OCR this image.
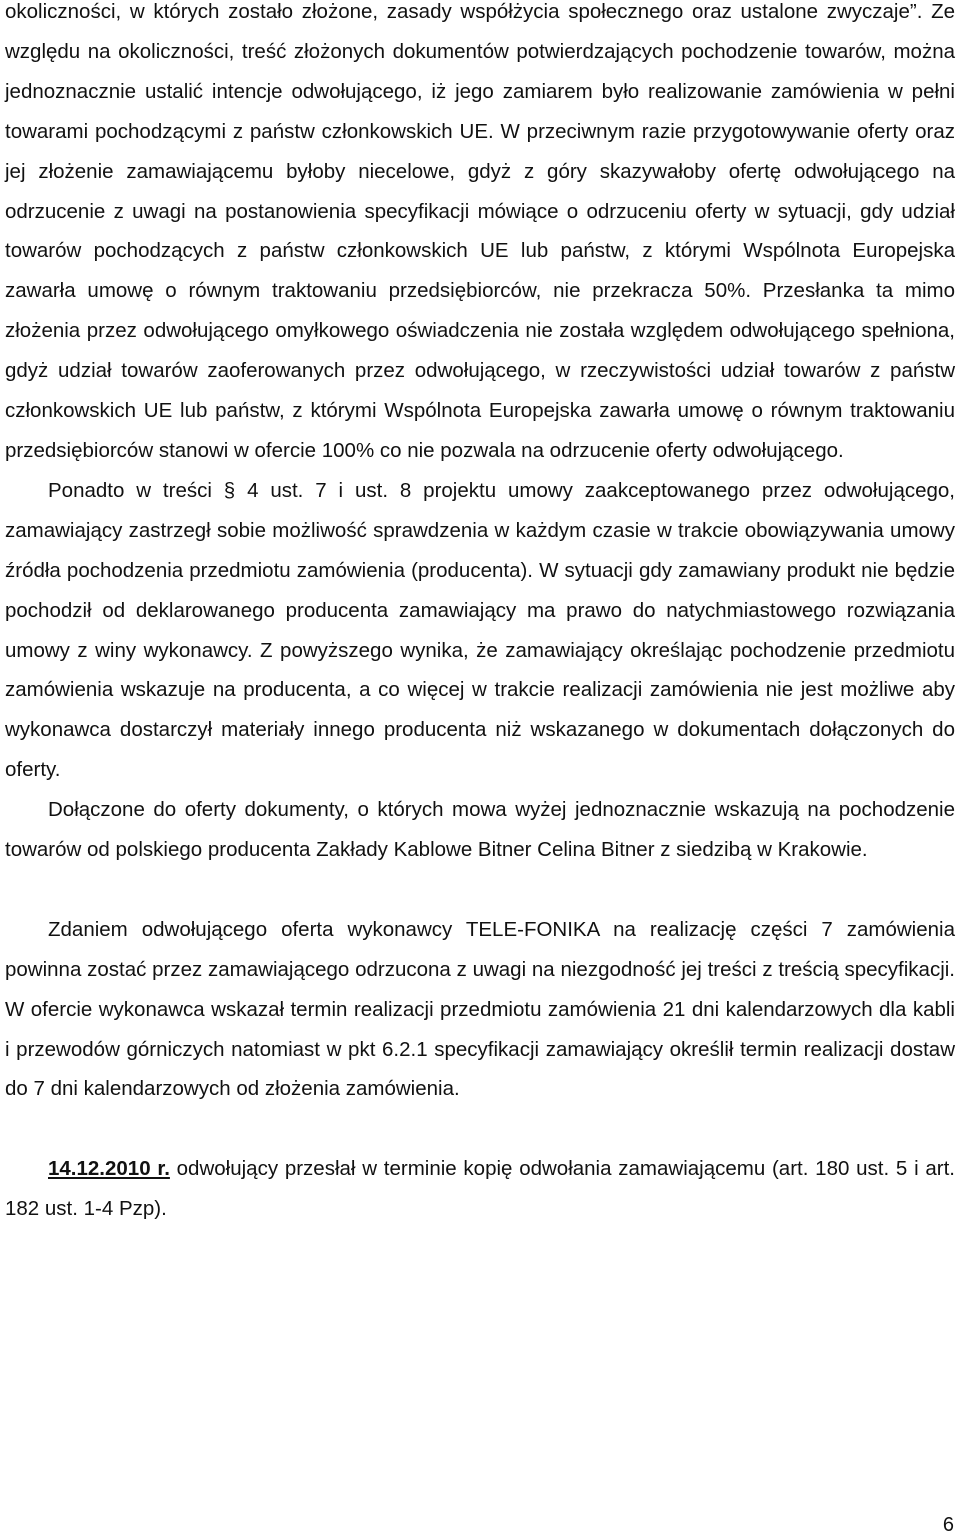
okoliczności, w których zostało złożone, zasady współżycia społecznego oraz ustalone zwyczaje”. Ze względu na okoliczności, treść złożonych dokumentów potwierdzających pochodzenie towarów, można jednoznacznie ustalić intencje odwołującego, iż jego zamiarem było realizowanie zamówienia w pełni towarami pochodzącymi z państw członkowskich UE. W przeciwnym razie przygotowywanie oferty oraz jej złożenie zamawiającemu byłoby niecelowe, gdyż z góry skazywałoby ofertę odwołującego na odrzucenie z uwagi na postanowienia specyfikacji mówiące o odrzuceniu oferty w sytuacji, gdy udział towarów pochodzących z państw członkowskich UE lub państw, z którymi Wspólnota Europejska zawarła umowę o równym traktowaniu przedsiębiorców, nie przekracza 50%. Przesłanka ta mimo złożenia przez odwołującego omyłkowego oświadczenia nie została względem odwołującego spełniona, gdyż udział towarów zaoferowanych przez odwołującego, w rzeczywistości udział towarów z państw członkowskich UE lub państw, z którymi Wspólnota Europejska zawarła umowę o równym traktowaniu przedsiębiorców stanowi w ofercie 100% co nie pozwala na odrzucenie oferty odwołującego.

Ponadto w treści § 4 ust. 7 i ust. 8 projektu umowy zaakceptowanego przez odwołującego, zamawiający zastrzegł sobie możliwość sprawdzenia w każdym czasie w trakcie obowiązywania umowy źródła pochodzenia przedmiotu zamówienia (producenta). W sytuacji gdy zamawiany produkt nie będzie pochodził od deklarowanego producenta zamawiający ma prawo do natychmiastowego rozwiązania umowy z winy wykonawcy. Z powyższego wynika, że zamawiający określając pochodzenie przedmiotu zamówienia wskazuje na producenta, a co więcej w trakcie realizacji zamówienia nie jest możliwe aby wykonawca dostarczył materiały innego producenta niż wskazanego w dokumentach dołączonych do oferty.

Dołączone do oferty dokumenty, o których mowa wyżej jednoznacznie wskazują na pochodzenie towarów od polskiego producenta Zakłady Kablowe Bitner Celina Bitner z siedzibą w Krakowie.

Zdaniem odwołującego oferta wykonawcy TELE-FONIKA na realizację części 7 zamówienia powinna zostać przez zamawiającego odrzucona z uwagi na niezgodność jej treści z treścią specyfikacji. W ofercie wykonawca wskazał termin realizacji przedmiotu zamówienia 21 dni kalendarzowych dla kabli i przewodów górniczych natomiast w pkt 6.2.1 specyfikacji zamawiający określił termin realizacji dostaw do 7 dni kalendarzowych od złożenia zamówienia.

14.12.2010 r. odwołujący przesłał w terminie kopię odwołania zamawiającemu (art. 180 ust. 5 i art. 182 ust. 1-4 Pzp).

6
